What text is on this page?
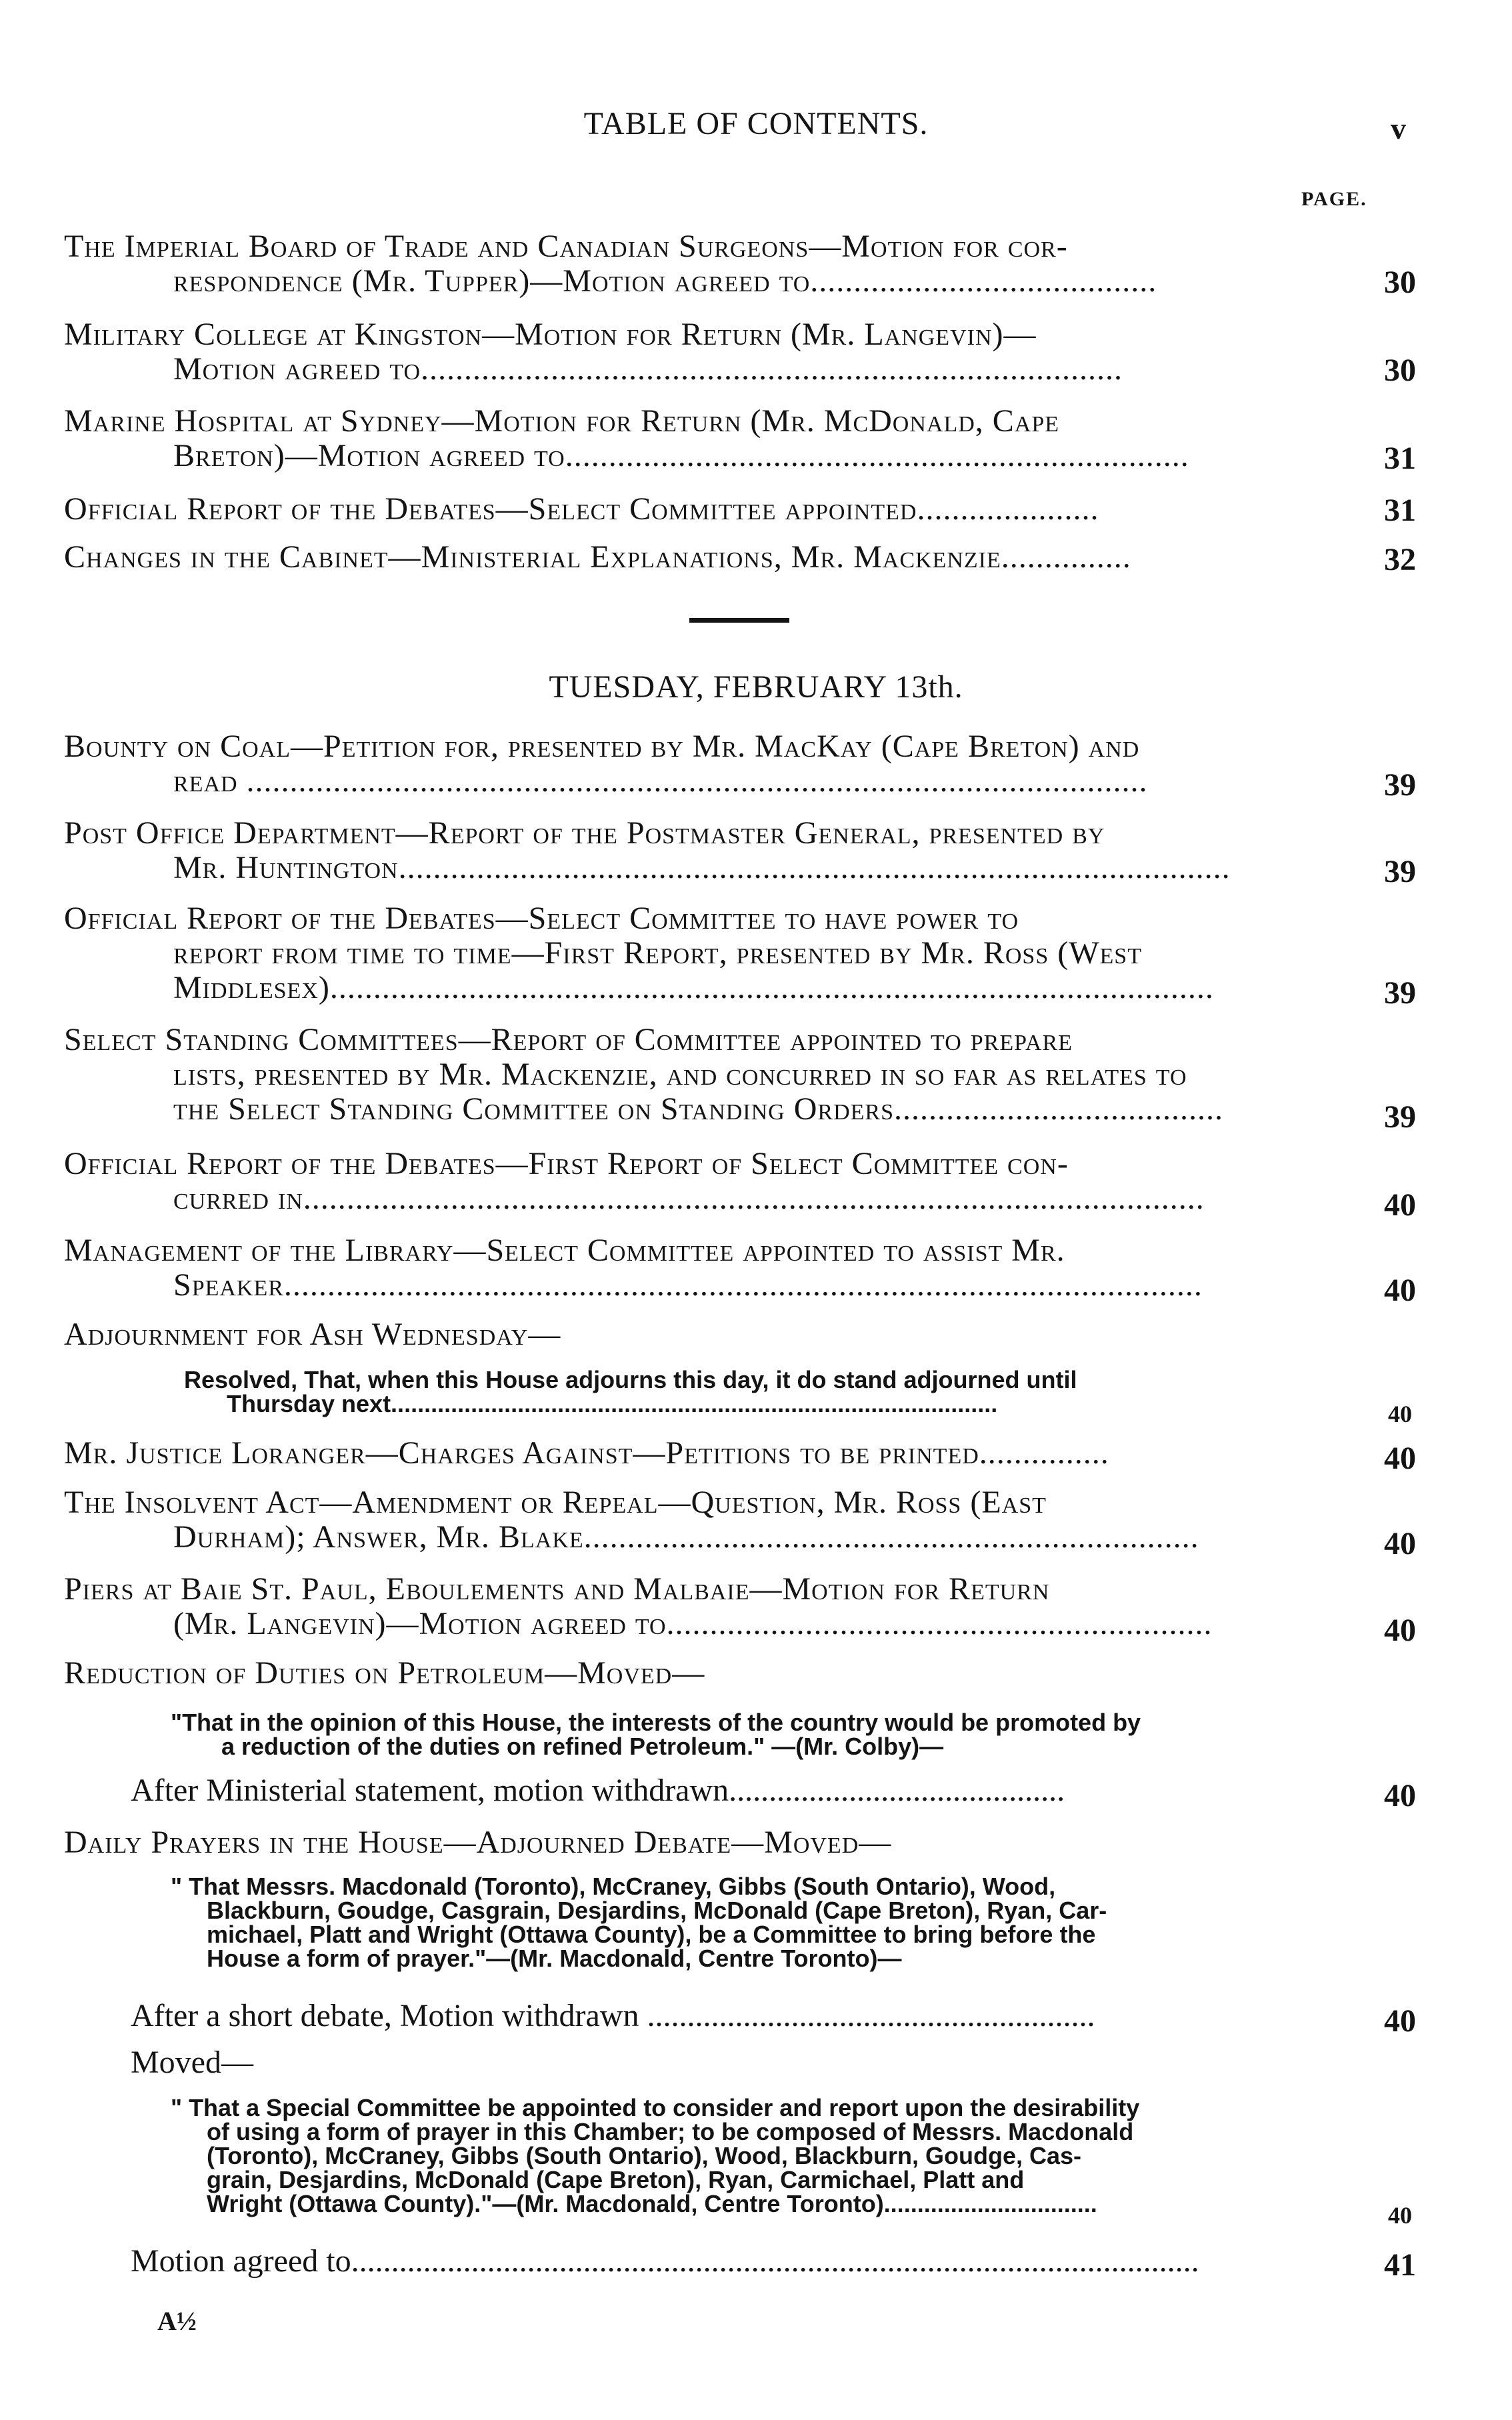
TABLE OF CONTENTS.	v
PAGE.
The Imperial Board of Trade and Canadian Surgeons—Motion for cor-
respondence (Mr. Tupper)—Motion agreed to........................................	30
Military College at Kingston—Motion for Return (Mr. Langevin)—
Motion agreed to.................................................................................	30
Marine Hospital at Sydney—Motion for Return (Mr. McDonald, Cape
Breton)—Motion agreed to........................................................................	31
Official Report of the Debates—Select Committee appointed.....................	31
Changes in the Cabinet—Ministerial Explanations, Mr. Mackenzie...............	32
TUESDAY, FEBRUARY 13th.
Bounty on Coal—Petition for, presented by Mr. MacKay (Cape Breton) and
read ........................................................................................................	39
Post Office Department—Report of the Postmaster General, presented by
Mr. Huntington................................................................................................	39
Official Report of the Debates—Select Committee to have power to
report from time to time—First Report, presented by Mr. Ross (West
Middlesex)......................................................................................................	39
Select Standing Committees—Report of Committee appointed to prepare
lists, presented by Mr. Mackenzie, and concurred in so far as relates to
the Select Standing Committee on Standing Orders......................................	39
Official Report of the Debates—First Report of Select Committee con-
curred in........................................................................................................	40
Management of the Library—Select Committee appointed to assist Mr.
Speaker..........................................................................................................	40
Adjournment for Ash Wednesday—
Resolved, That, when this House adjourns this day, it do stand adjourned until
Thursday next...........................................................................................	40
Mr. Justice Loranger—Charges Against—Petitions to be printed...............	40
The Insolvent Act—Amendment or Repeal—Question, Mr. Ross (East
Durham); Answer, Mr. Blake.......................................................................	40
Piers at Baie St. Paul, Eboulements and Malbaie—Motion for Return
(Mr. Langevin)—Motion agreed to...............................................................	40
Reduction of Duties on Petroleum—Moved—
"That in the opinion of this House, the interests of the country would be promoted by
a reduction of the duties on refined Petroleum." —(Mr. Colby)—
After Ministerial statement, motion withdrawn..........................................	40
Daily Prayers in the House—Adjourned Debate—Moved—
" That Messrs. Macdonald (Toronto), McCraney, Gibbs (South Ontario), Wood,
Blackburn, Goudge, Casgrain, Desjardins, McDonald (Cape Breton), Ryan, Car-
michael, Platt and Wright (Ottawa County), be a Committee to bring before the
House a form of prayer."—(Mr. Macdonald, Centre Toronto)—
After a short debate, Motion withdrawn ........................................................	40
Moved—
" That a Special Committee be appointed to consider and report upon the desirability
of using a form of prayer in this Chamber; to be composed of Messrs. Macdonald
(Toronto), McCraney, Gibbs (South Ontario), Wood, Blackburn, Goudge, Cas-
grain, Desjardins, McDonald (Cape Breton), Ryan, Carmichael, Platt and
Wright (Ottawa County)."—(Mr. Macdonald, Centre Toronto)................................	40
Motion agreed to..........................................................................................................	41
A½
